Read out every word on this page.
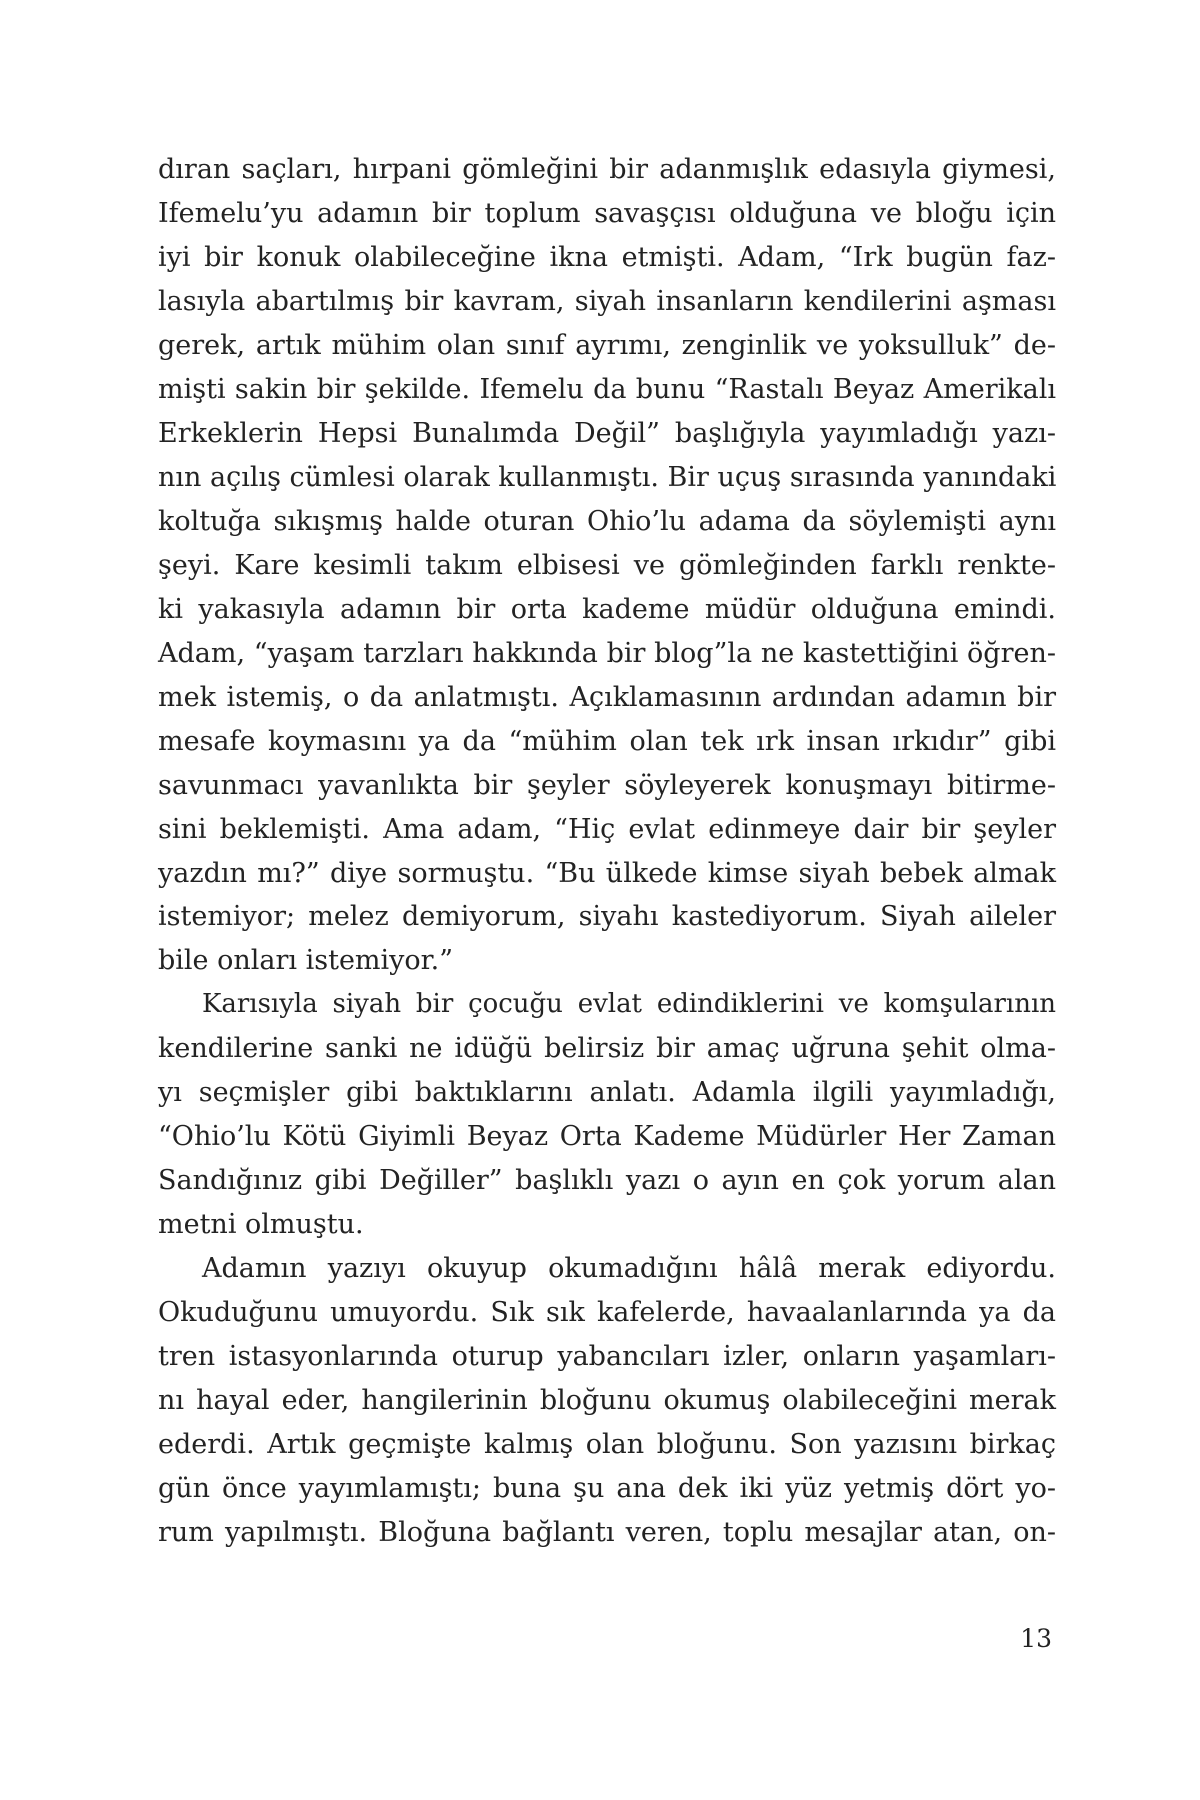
dıran saçları, hırpani gömleğini bir adanmışlık edasıyla giymesi,
Ifemelu’yu adamın bir toplum savaşçısı olduğuna ve bloğu için
iyi bir konuk olabileceğine ikna etmişti. Adam, “Irk bugün faz-
lasıyla abartılmış bir kavram, siyah insanların kendilerini aşması
gerek, artık mühim olan sınıf ayrımı, zenginlik ve yoksulluk” de-
mişti sakin bir şekilde. Ifemelu da bunu “Rastalı Beyaz Amerikalı
Erkeklerin Hepsi Bunalımda Değil” başlığıyla yayımladığı yazı-
nın açılış cümlesi olarak kullanmıştı. Bir uçuş sırasında yanındaki
koltuğa sıkışmış halde oturan Ohio’lu adama da söylemişti aynı
şeyi. Kare kesimli takım elbisesi ve gömleğinden farklı renkte-
ki yakasıyla adamın bir orta kademe müdür olduğuna emindi.
Adam, “yaşam tarzları hakkında bir blog”la ne kastettiğini öğren-
mek istemiş, o da anlatmıştı. Açıklamasının ardından adamın bir
mesafe koymasını ya da “mühim olan tek ırk insan ırkıdır” gibi
savunmacı yavanlıkta bir şeyler söyleyerek konuşmayı bitirme-
sini beklemişti. Ama adam, “Hiç evlat edinmeye dair bir şeyler
yazdın mı?” diye sormuştu. “Bu ülkede kimse siyah bebek almak
istemiyor; melez demiyorum, siyahı kastediyorum. Siyah aileler
bile onları istemiyor.”
Karısıyla siyah bir çocuğu evlat edindiklerini ve komşularının
kendilerine sanki ne idüğü belirsiz bir amaç uğruna şehit olma-
yı seçmişler gibi baktıklarını anlatı. Adamla ilgili yayımladığı,
“Ohio’lu Kötü Giyimli Beyaz Orta Kademe Müdürler Her Zaman
Sandığınız gibi Değiller” başlıklı yazı o ayın en çok yorum alan
metni olmuştu.
Adamın yazıyı okuyup okumadığını hâlâ merak ediyordu.
Okuduğunu umuyordu. Sık sık kafelerde, havaalanlarında ya da
tren istasyonlarında oturup yabancıları izler, onların yaşamları-
nı hayal eder, hangilerinin bloğunu okumuş olabileceğini merak
ederdi. Artık geçmişte kalmış olan bloğunu. Son yazısını birkaç
gün önce yayımlamıştı; buna şu ana dek iki yüz yetmiş dört yo-
rum yapılmıştı. Bloğuna bağlantı veren, toplu mesajlar atan, on-
13
